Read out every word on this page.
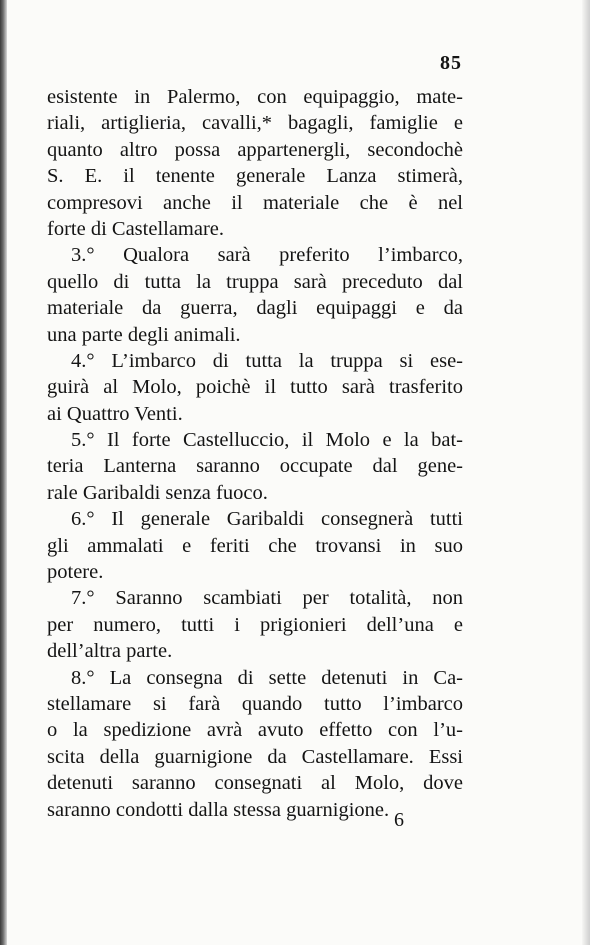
85
esistente in Palermo, con equipaggio, mate-
riali, artiglieria, cavalli,* bagagli, famiglie e
quanto altro possa appartenergli, secondochè
S. E. il tenente generale Lanza stimerà,
compresovi anche il materiale che è nel
forte di Castellamare.
3.° Qualora sarà preferito l’imbarco,
quello di tutta la truppa sarà preceduto dal
materiale da guerra, dagli equipaggi e da
una parte degli animali.
4.° L’imbarco di tutta la truppa si ese-
guirà al Molo, poichè il tutto sarà trasferito
ai Quattro Venti.
5.° Il forte Castelluccio, il Molo e la bat-
teria Lanterna saranno occupate dal gene-
rale Garibaldi senza fuoco.
6.° Il generale Garibaldi consegnerà tutti
gli ammalati e feriti che trovansi in suo
potere.
7.° Saranno scambiati per totalità, non
per numero, tutti i prigionieri dell’una e
dell’altra parte.
8.° La consegna di sette detenuti in Ca-
stellamare si farà quando tutto l’imbarco
o la spedizione avrà avuto effetto con l’u-
scita della guarnigione da Castellamare. Essi
detenuti saranno consegnati al Molo, dove
saranno condotti dalla stessa guarnigione. 6
